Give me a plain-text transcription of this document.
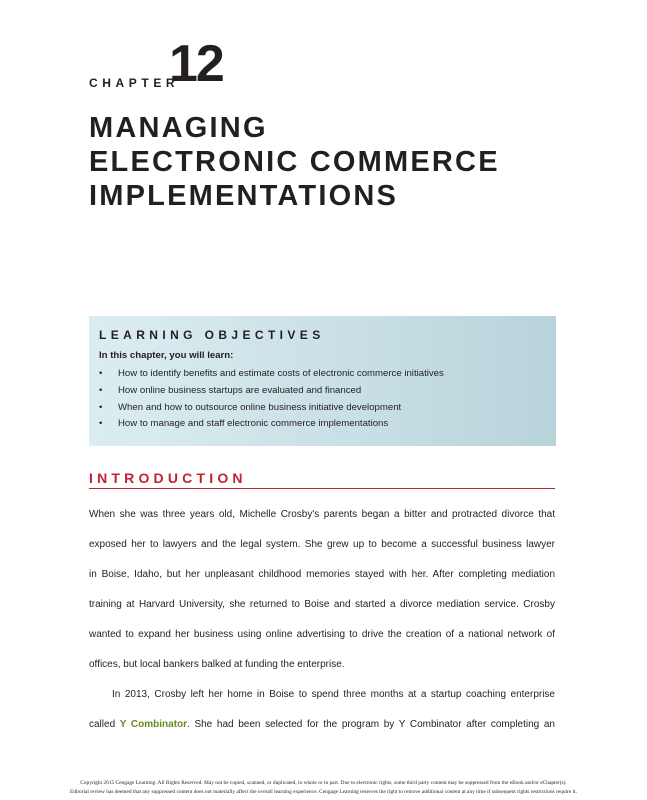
CHAPTER
12
MANAGING
ELECTRONIC COMMERCE
IMPLEMENTATIONS
LEARNING OBJECTIVES

In this chapter, you will learn:

• How to identify benefits and estimate costs of electronic commerce initiatives
• How online business startups are evaluated and financed
• When and how to outsource online business initiative development
• How to manage and staff electronic commerce implementations
INTRODUCTION

When she was three years old, Michelle Crosby's parents began a bitter and protracted divorce that
exposed her to lawyers and the legal system. She grew up to become a successful business lawyer
in Boise, Idaho, but her unpleasant childhood memories stayed with her. After completing mediation
training at Harvard University, she returned to Boise and started a divorce mediation service. Crosby
wanted to expand her business using online advertising to drive the creation of a national network of
offices, but local bankers balked at funding the enterprise.

In 2013, Crosby left her home in Boise to spend three months at a startup coaching enterprise
called Y Combinator. She had been selected for the program by Y Combinator after completing an

Copyright 2015 Cengage Learning. All Rights Reserved. May not be copied, scanned, or duplicated, in whole or in part. Due to electronic rights, some third party content may be suppressed from the eBook and/or eChapter(s).
Editorial review has deemed that any suppressed content does not materially affect the overall learning experience. Cengage Learning reserves the right to remove additional content at any time if subsequent rights restrictions require it.
